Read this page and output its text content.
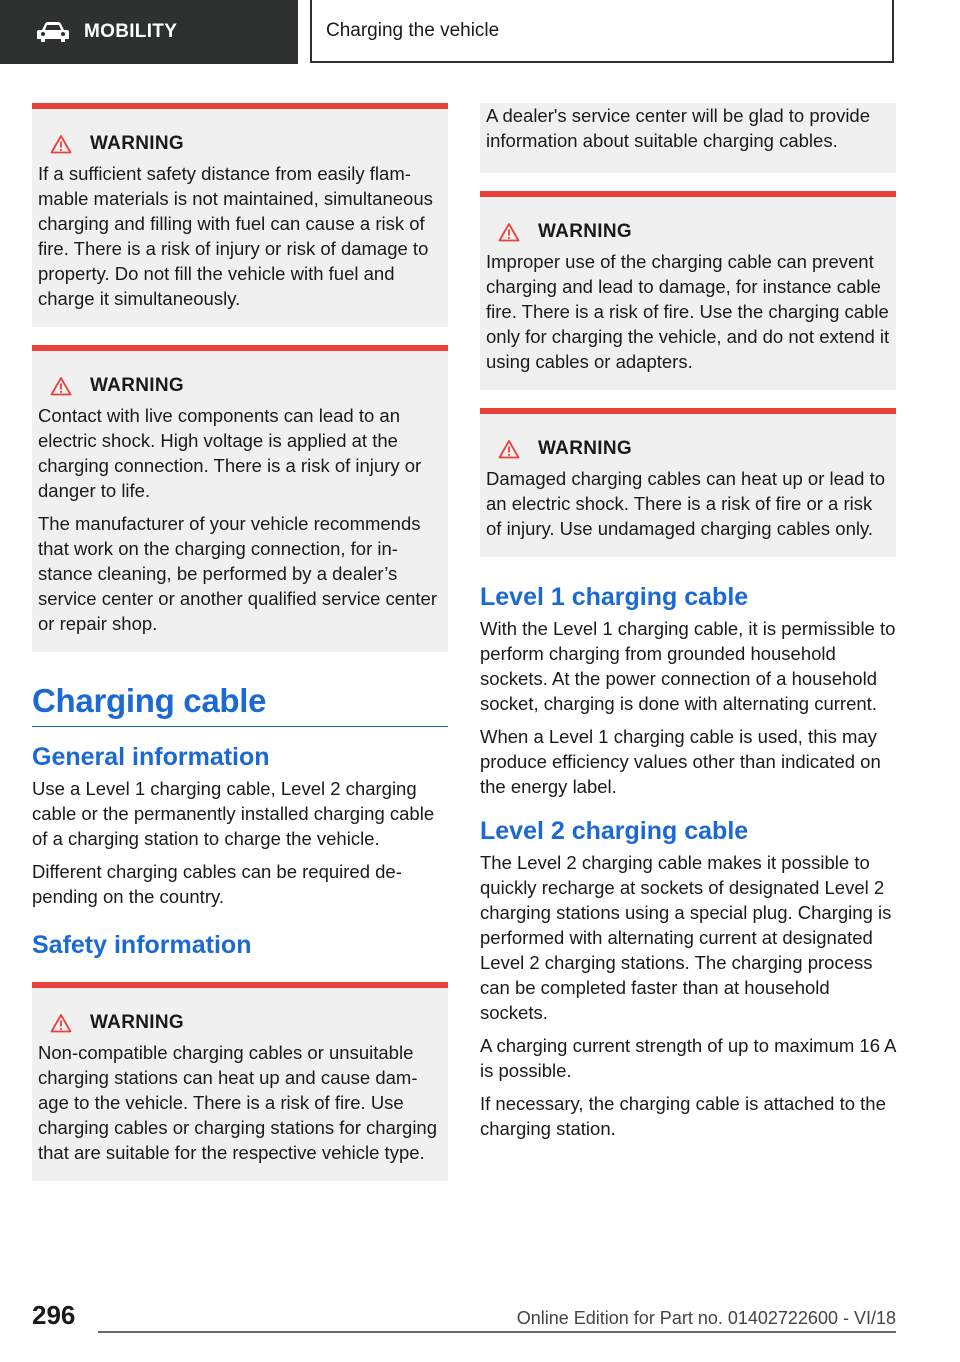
MOBILITY	Charging the vehicle
WARNING

If a sufficient safety distance from easily flammable materials is not maintained, simultaneous charging and filling with fuel can cause a risk of fire. There is a risk of injury or risk of damage to property. Do not fill the vehicle with fuel and charge it simultaneously.

WARNING

Contact with live components can lead to an electric shock. High voltage is applied at the charging connection. There is a risk of injury or danger to life.

The manufacturer of your vehicle recommends that work on the charging connection, for instance cleaning, be performed by a dealer’s service center or another qualified service center or repair shop.

Charging cable
General information

Use a Level 1 charging cable, Level 2 charging cable or the permanently installed charging cable of a charging station to charge the vehicle.

Different charging cables can be required depending on the country.

Safety information
WARNING

Non-compatible charging cables or unsuitable charging stations can heat up and cause damage to the vehicle. There is a risk of fire. Use charging cables or charging stations for charging that are suitable for the respective vehicle type.

A dealer's service center will be glad to provide information about suitable charging cables.

WARNING

Improper use of the charging cable can prevent charging and lead to damage, for instance cable fire. There is a risk of fire. Use the charging cable only for charging the vehicle, and do not extend it using cables or adapters.

WARNING

Damaged charging cables can heat up or lead to an electric shock. There is a risk of fire or a risk of injury. Use undamaged charging cables only.

Level 1 charging cable

With the Level 1 charging cable, it is permissible to perform charging from grounded household sockets. At the power connection of a household socket, charging is done with alternating current.

When a Level 1 charging cable is used, this may produce efficiency values other than indicated on the energy label.

Level 2 charging cable

The Level 2 charging cable makes it possible to quickly recharge at sockets of designated Level 2 charging stations using a special plug. Charging is performed with alternating current at designated Level 2 charging stations. The charging process can be completed faster than at household sockets.

A charging current strength of up to maximum 16 A is possible.

If necessary, the charging cable is attached to the charging station.

296	Online Edition for Part no. 01402722600 - VI/18
